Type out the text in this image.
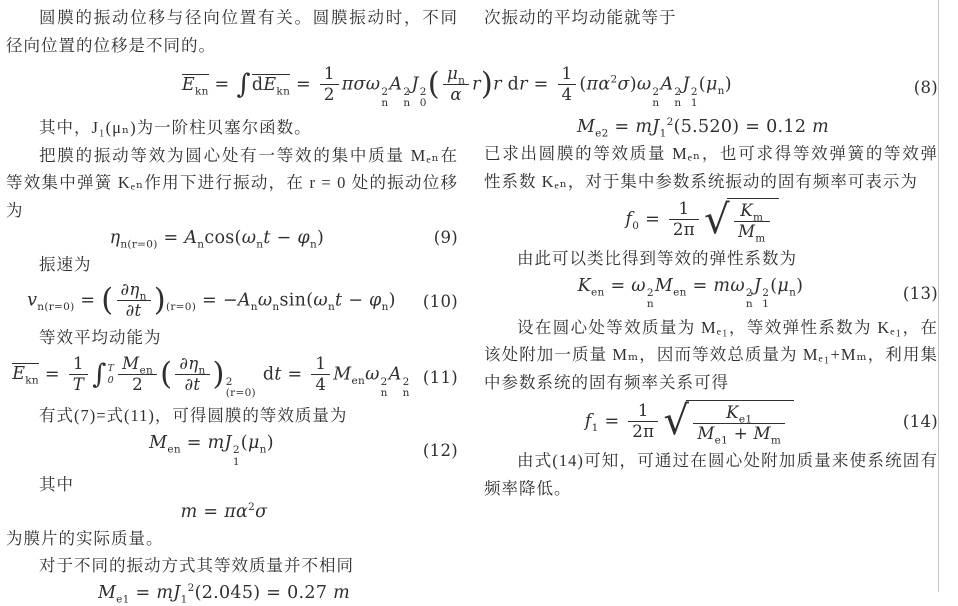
圆膜的振动位移与径向位置有关。圆膜振动时，不同径向位置的位移是不同的。

次振动的平均动能就等于

$E_{kn}$ = ∫ $dE_{kn} = \frac{1}{2}$ πσω 2
n
A 2
n
J 2
0
( $\frac{\mu_n}{\alpha} r)r$ dr = $\frac{1}{4} (\pi\alpha^2\sigma)\omega$ 2
n
A 2
n
J 2
1
$(\mu_n)$	(8)

其中，J₁(μₙ)为一阶柱贝塞尔函数。

把膜的振动等效为圆心处有一等效的集中质量 Mₑₙ在等效集中弹簧 Kₑₙ作用下进行振动，在 r = 0 处的振动位移为

$\eta_{n(r=0)} = A_n\cos(\omega_nt - \varphi_n)$	(9)

振速为

$v_{n(r=0)}$ = ( $\frac{\partial\eta_n}{\partial t} )_{(r=0)} = -A_n\omega_n\sin(\omega_nt - \varphi_n)$	(10)

等效平均动能为

$E_{kn} = \frac{1}{T}$ ∫ T
0
$M_{en}$
2 ( $\frac{\partial\eta_n}{\partial t}$ ) 2
(r=0)
dt = $\frac{1}{4} M_{en}\omega$ 2
n
A 2
n
(11)

有式(7)=式(11)，可得圆膜的等效质量为

$M_{en}$ = mJ 2
1
$(\mu_n)$	(12)

其中

$m = \pi\alpha^2\sigma$

为膜片的实际质量。

对于不同的振动方式其等效质量并不相同

$M_{e1} = mJ_1^2(2.045) = 0.27$ m
$M_{e2} = mJ_1^2(5.520) = 0.12$ m

已求出圆膜的等效质量 Mₑₙ，也可求得等效弹簧的等效弹性系数 Kₑₙ，对于集中参数系统振动的固有频率可表示为

$f_0 = \frac{1}{2\pi}$ √ $\frac{K_m}{M_m}$

由此可以类比得到等效的弹性系数为

$K_{en} = \omega$ 2
n
$M_{en} = m\omega$ 2
n
J 2
1
$(\mu_n)$	(13)

设在圆心处等效质量为 Mₑ₁，等效弹性系数为 Kₑ₁，在该处附加一质量 Mₘ，因而等效总质量为 Mₑ₁+Mₘ，利用集中参数系统的固有频率关系可得

$f_1 = \frac{1}{2\pi}$ √ $\frac{K_{e1}}{M_{e1} + M_m}$	(14)

由式(14)可知，可通过在圆心处附加质量来使系统固有频率降低。
